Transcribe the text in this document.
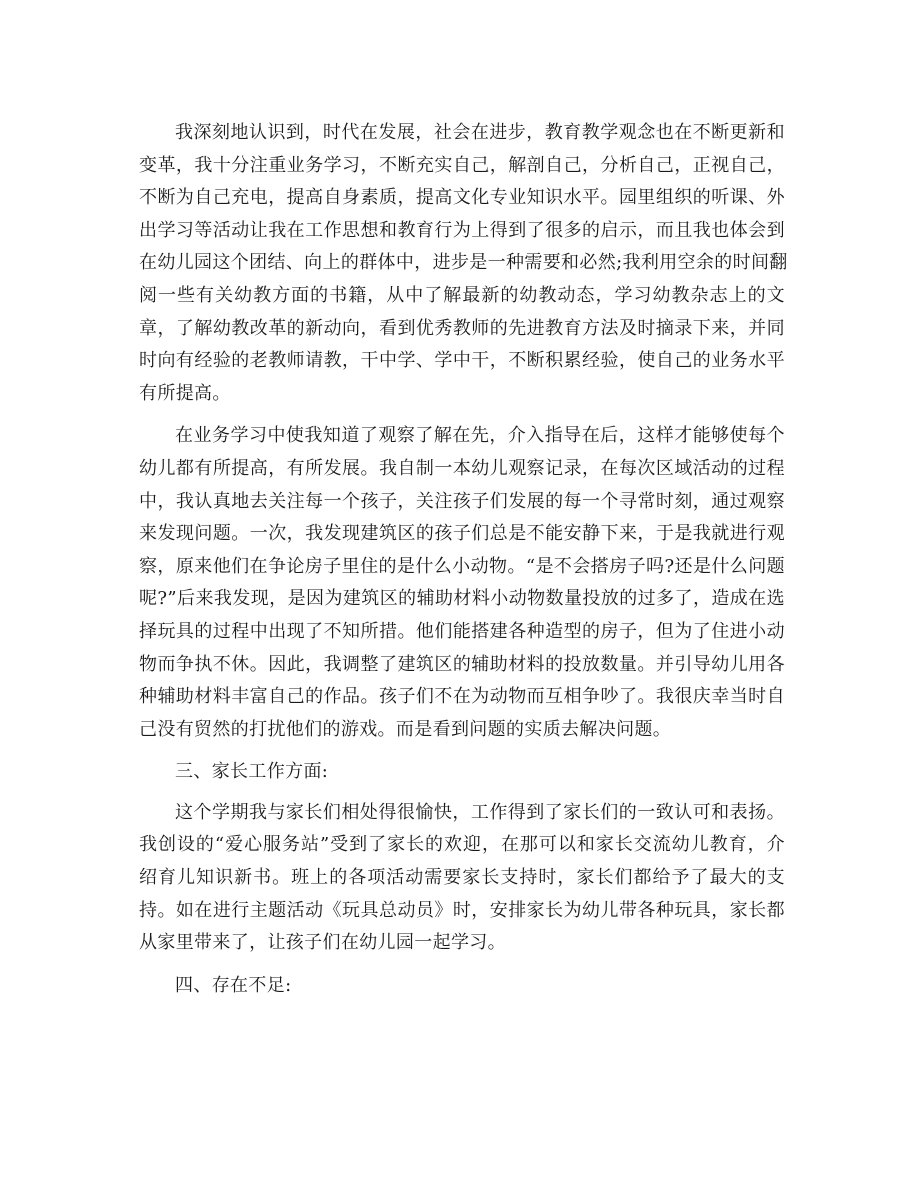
我深刻地认识到，时代在发展，社会在进步，教育教学观念也在不断更新和
变革，我十分注重业务学习，不断充实自己，解剖自己，分析自己，正视自己，
不断为自己充电，提高自身素质，提高文化专业知识水平。园里组织的听课、外
出学习等活动让我在工作思想和教育行为上得到了很多的启示，而且我也体会到
在幼儿园这个团结、向上的群体中，进步是一种需要和必然;我利用空余的时间翻
阅一些有关幼教方面的书籍，从中了解最新的幼教动态，学习幼教杂志上的文
章，了解幼教改革的新动向，看到优秀教师的先进教育方法及时摘录下来，并同
时向有经验的老教师请教，干中学、学中干，不断积累经验，使自己的业务水平
有所提高。
在业务学习中使我知道了观察了解在先，介入指导在后，这样才能够使每个
幼儿都有所提高，有所发展。我自制一本幼儿观察记录，在每次区域活动的过程
中，我认真地去关注每一个孩子，关注孩子们发展的每一个寻常时刻，通过观察
来发现问题。一次，我发现建筑区的孩子们总是不能安静下来，于是我就进行观
察，原来他们在争论房子里住的是什么小动物。“是不会搭房子吗?还是什么问题
呢?”后来我发现，是因为建筑区的辅助材料小动物数量投放的过多了，造成在选
择玩具的过程中出现了不知所措。他们能搭建各种造型的房子，但为了住进小动
物而争执不休。因此，我调整了建筑区的辅助材料的投放数量。并引导幼儿用各
种辅助材料丰富自己的作品。孩子们不在为动物而互相争吵了。我很庆幸当时自
己没有贸然的打扰他们的游戏。而是看到问题的实质去解决问题。
三、家长工作方面:
这个学期我与家长们相处得很愉快，工作得到了家长们的一致认可和表扬。
我创设的“爱心服务站”受到了家长的欢迎，在那可以和家长交流幼儿教育，介
绍育儿知识新书。班上的各项活动需要家长支持时，家长们都给予了最大的支
持。如在进行主题活动《玩具总动员》时，安排家长为幼儿带各种玩具，家长都
从家里带来了，让孩子们在幼儿园一起学习。
四、存在不足:
